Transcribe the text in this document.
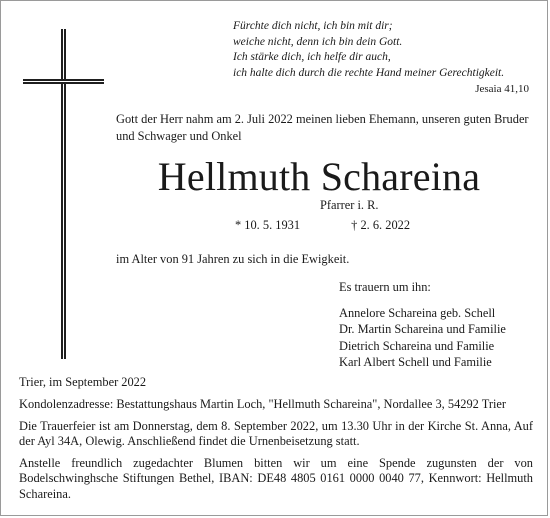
Fürchte dich nicht, ich bin mit dir;
weiche nicht, denn ich bin dein Gott.
Ich stärke dich, ich helfe dir auch,
ich halte dich durch die rechte Hand meiner Gerechtigkeit.
Jesaia 41,10
Gott der Herr nahm am 2. Juli 2022 meinen lieben Ehemann, unseren guten Bruder und Schwager und Onkel
Hellmuth Schareina
Pfarrer i. R.
* 10. 5. 1931	† 2. 6. 2022
im Alter von 91 Jahren zu sich in die Ewigkeit.
Es trauern um ihn:
Annelore Schareina geb. Schell
Dr. Martin Schareina und Familie
Dietrich Schareina und Familie
Karl Albert Schell und Familie
Trier, im September 2022

Kondolenzadresse: Bestattungshaus Martin Loch, "Hellmuth Schareina", Nordallee 3, 54292 Trier

Die Trauerfeier ist am Donnerstag, dem 8. September 2022, um 13.30 Uhr in der Kirche St. Anna, Auf der Ayl 34A, Olewig. Anschließend findet die Urnenbeisetzung statt.

Anstelle freundlich zugedachter Blumen bitten wir um eine Spende zugunsten der von Bodelschwinghsche Stiftungen Bethel, IBAN: DE48 4805 0161 0000 0040 77, Kennwort: Hellmuth Schareina.
